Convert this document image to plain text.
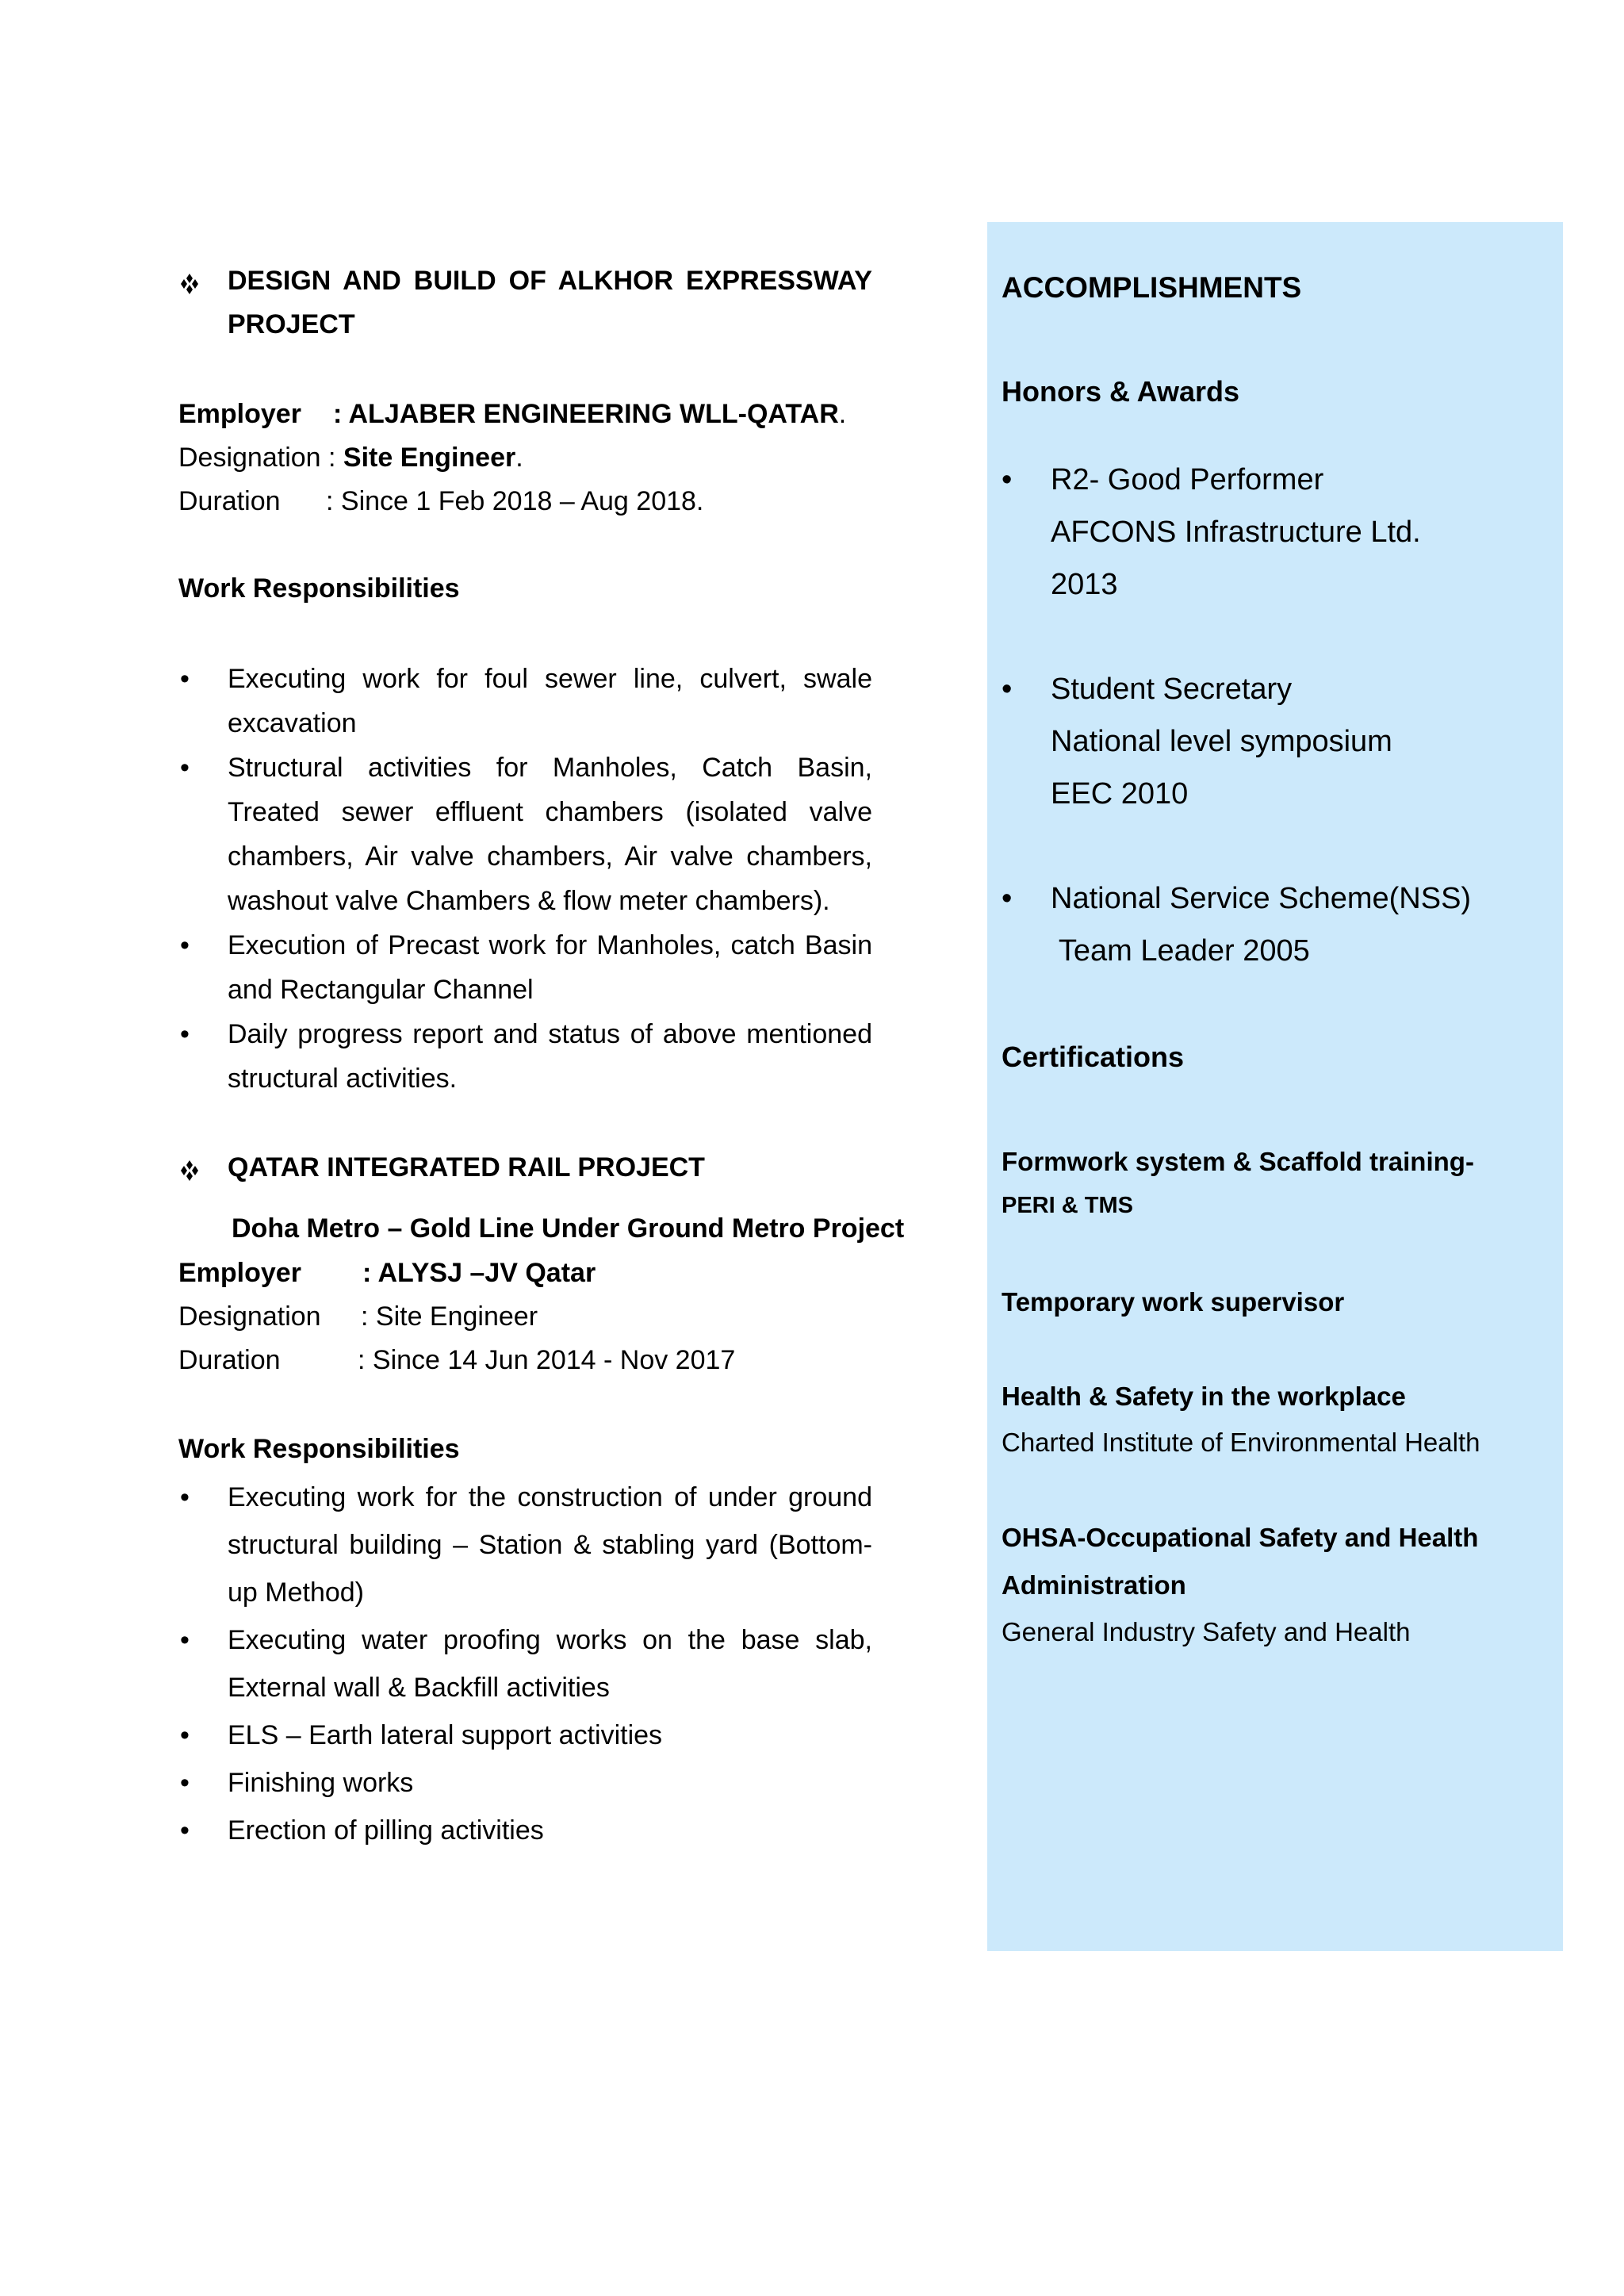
DESIGN AND BUILD OF ALKHOR EXPRESSWAY PROJECT
Employer : ALJABER ENGINEERING WLL-QATAR.
Designation : Site Engineer.
Duration : Since 1 Feb 2018 – Aug 2018.
Work Responsibilities
• Executing work for foul sewer line, culvert, swale excavation
• Structural activities for Manholes, Catch Basin, Treated sewer effluent chambers (isolated valve chambers, Air valve chambers, Air valve chambers, washout valve Chambers & flow meter chambers).
• Execution of Precast work for Manholes, catch Basin and Rectangular Channel
• Daily progress report and status of above mentioned structural activities.
QATAR INTEGRATED RAIL PROJECT
Doha Metro – Gold Line Under Ground Metro Project
Employer : ALYSJ –JV Qatar
Designation : Site Engineer
Duration	: Since 14 Jun 2014 - Nov 2017
Work Responsibilities
• Executing work for the construction of under ground structural building – Station & stabling yard (Bottom-up Method)
• Executing water proofing works on the base slab, External wall & Backfill activities
• ELS – Earth lateral support activities
• Finishing works
• Erection of pilling activities
ACCOMPLISHMENTS
Honors & Awards
• R2- Good Performer
AFCONS Infrastructure Ltd.
2013
• Student Secretary
National level symposium
EEC 2010
• National Service Scheme(NSS)
Team Leader 2005
Certifications
Formwork system & Scaffold training-
PERI & TMS
Temporary work supervisor
Health & Safety in the workplace
Charted Institute of Environmental Health
OHSA-Occupational Safety and Health
Administration
General Industry Safety and Health
